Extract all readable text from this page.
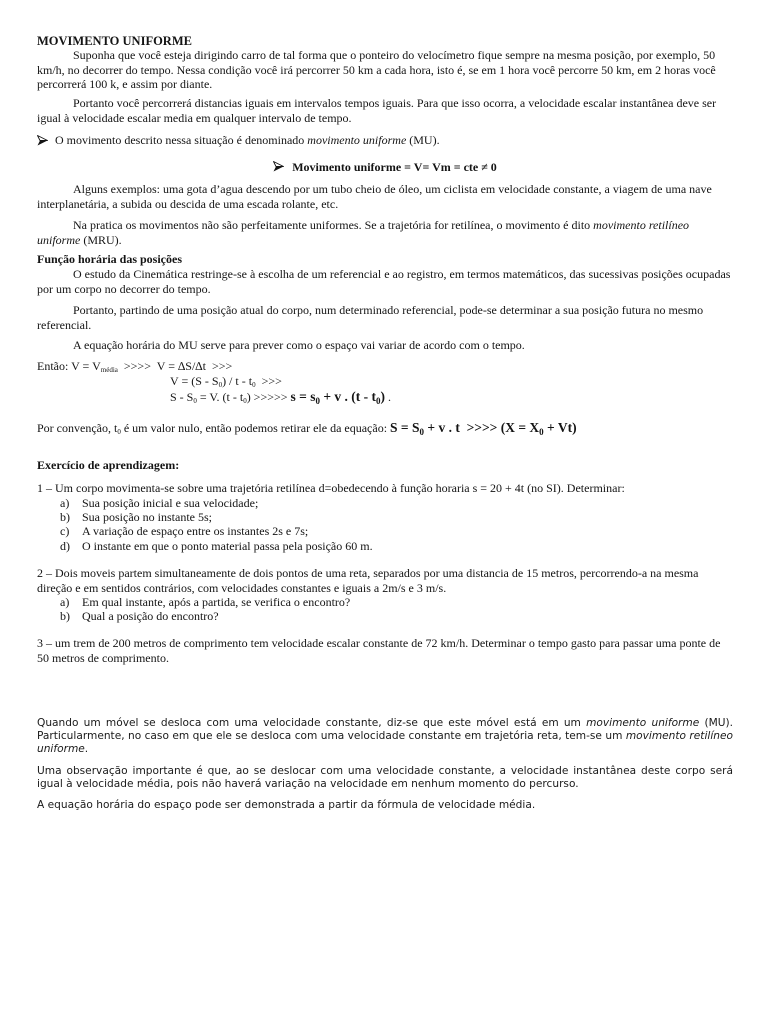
MOVIMENTO UNIFORME

Suponha que você esteja dirigindo carro de tal forma que o ponteiro do velocímetro fique sempre na mesma posição, por exemplo, 50 km/h, no decorrer do tempo. Nessa condição você irá percorrer 50 km a cada hora, isto é, se em 1 hora você percorre 50 km, em 2 horas você percorrerá 100 k, e assim por diante.

Portanto você percorrerá distancias iguais em intervalos tempos iguais. Para que isso ocorra, a velocidade escalar instantânea deve ser igual à velocidade escalar media em qualquer intervalo de tempo.

O movimento descrito nessa situação é denominado movimento uniforme (MU).
Movimento uniforme = V= Vm = cte ≠ 0

Alguns exemplos: uma gota d’agua descendo por um tubo cheio de óleo, um ciclista em velocidade constante, a viagem de uma nave interplanetária, a subida ou descida de uma escada rolante, etc.

Na pratica os movimentos não são perfeitamente uniformes. Se a trajetória for retilínea, o movimento é dito movimento retilíneo uniforme (MRU).

Função horária das posições

O estudo da Cinemática restringe-se à escolha de um referencial e ao registro, em termos matemáticos, das sucessivas posições ocupadas por um corpo no decorrer do tempo.

Portanto, partindo de uma posição atual do corpo, num determinado referencial, pode-se determinar a sua posição futura no mesmo referencial.

A equação horária do MU serve para prever como o espaço vai variar de acordo com o tempo.

Então: $V = V_{média}$  >>>>  V = ∆S/∆t  >>>
$V = (S - S_0) / t - t_0$  >>>
$S - S_0 = V$. $(t - t_0)$ >>>>> $s = s_0 + v$ . $(t - t_0)$ .
Por convenção, $t_0$ é um valor nulo, então podemos retirar ele da equação: $S = S_0 + v$ . t  >>>> $(X = X_0 + Vt)$
Exercício de aprendizagem:

1 – Um corpo movimenta-se sobre uma trajetória retilínea d=obedecendo à função horaria s = 20 + 4t (no SI). Determinar:

a) Sua posição inicial e sua velocidade;
b) Sua posição no instante 5s;
c) A variação de espaço entre os instantes 2s e 7s;
d) O instante em que o ponto material passa pela posição 60 m.

2 – Dois moveis partem simultaneamente de dois pontos de uma reta, separados por uma distancia de 15 metros, percorrendo-a na mesma direção e em sentidos contrários, com velocidades constantes e iguais a 2m/s e 3 m/s.

a) Em qual instante, após a partida, se verifica o encontro?
b) Qual a posição do encontro?

3 – um trem de 200 metros de comprimento tem velocidade escalar constante de 72 km/h. Determinar o tempo gasto para passar uma ponte de 50 metros de comprimento.

Quando um móvel se desloca com uma velocidade constante, diz-se que este móvel está em um movimento uniforme (MU). Particularmente, no caso em que ele se desloca com uma velocidade constante em trajetória reta, tem-se um movimento retilíneo uniforme.

Uma observação importante é que, ao se deslocar com uma velocidade constante, a velocidade instantânea deste corpo será igual à velocidade média, pois não haverá variação na velocidade em nenhum momento do percurso.

A equação horária do espaço pode ser demonstrada a partir da fórmula de velocidade média.
